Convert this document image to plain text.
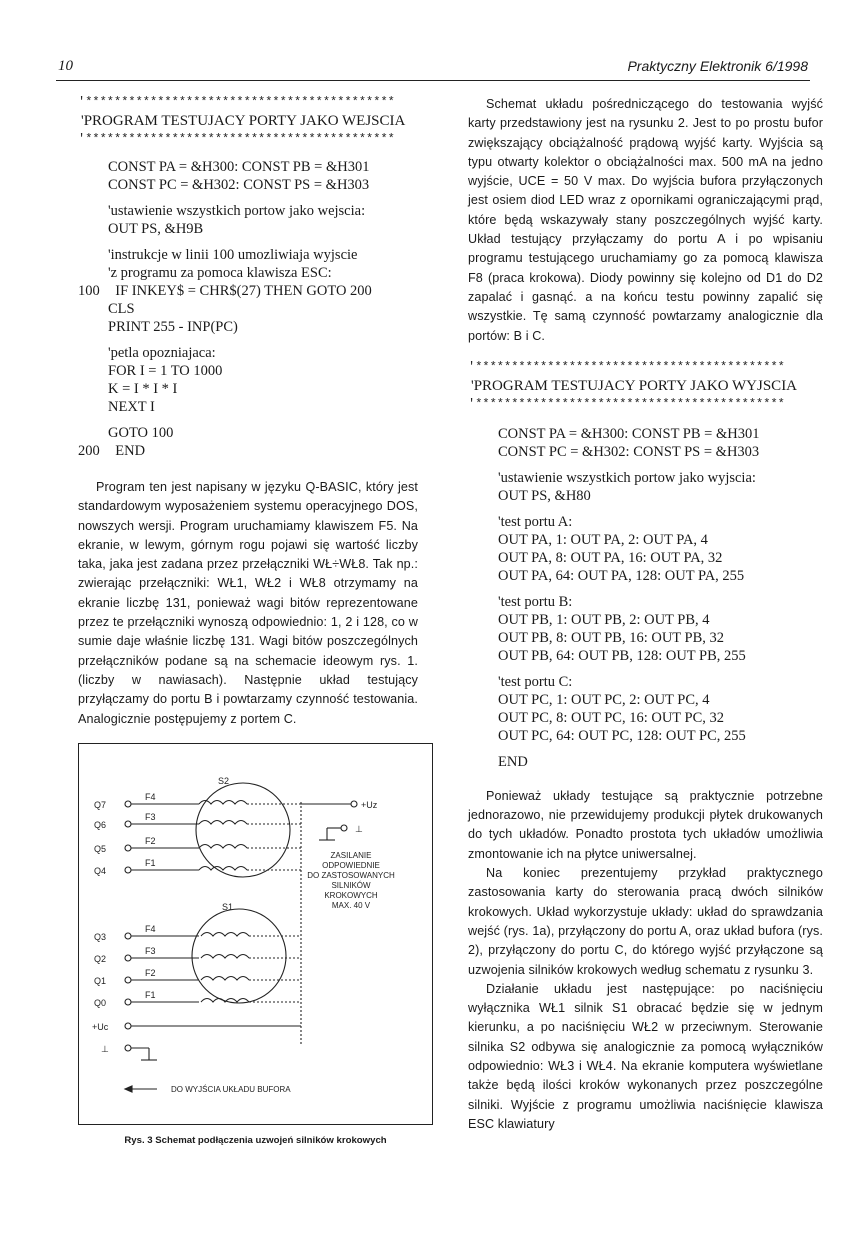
10	Praktyczny Elektronik 6/1998
'*******************************************
'PROGRAM TESTUJACY PORTY JAKO WEJSCIA
'*******************************************
CONST PA = &H300: CONST PB = &H301
CONST PC = &H302: CONST PS = &H303
'ustawienie wszystkich portow jako wejscia:
OUT PS, &H9B
'instrukcje w linii 100 umozliwiaja wyjscie
'z programu za pomoca klawisza ESC:
100 IF INKEY$ = CHR$(27) THEN GOTO 200
CLS
PRINT 255 - INP(PC)
'petla opozniajaca:
FOR I = 1 TO 1000
K = I * I * I
NEXT I
GOTO 100
200 END

Program ten jest napisany w języku Q-BASIC, który jest standardowym wyposażeniem systemu operacyjnego DOS, nowszych wersji. Program uruchamiamy klawiszem F5. Na ekranie, w lewym, górnym rogu pojawi się wartość liczby taka, jaka jest zadana przez przełączniki WŁ÷WŁ8. Tak np.: zwierając przełączniki: WŁ1, WŁ2 i WŁ8 otrzymamy na ekranie liczbę 131, ponieważ wagi bitów reprezentowane przez te przełączniki wynoszą odpowiednio: 1, 2 i 128, co w sumie daje właśnie liczbę 131. Wagi bitów poszczególnych przełączników podane są na schemacie ideowym rys. 1. (liczby w nawiasach). Następnie układ testujący przyłączamy do portu B i powtarzamy czynność testowania. Analogicznie postępujemy z portem C.

S2
S1
Q7
Q6
Q5
Q4
Q3
Q2
Q1
Q0
F4
F3
F2
F1
F4
F3
F2
F1
+Uc
⊥
+Uz
⊥
ZASILANIE
ODPOWIEDNIE
DO ZASTOSOWANYCH
SILNIKÓW
KROKOWYCH
MAX. 40 V
DO WYJŚCIA UKŁADU BUFORA
Rys. 3 Schemat podłączenia uzwojeń silników krokowych

Schemat układu pośredniczącego do testowania wyjść karty przedstawiony jest na rysunku 2. Jest to po prostu bufor zwiększający obciążalność prądową wyjść karty. Wyjścia są typu otwarty kolektor o obciążalności max. 500 mA na jedno wyjście, UCE = 50 V max. Do wyjścia bufora przyłączonych jest osiem diod LED wraz z opornikami ograniczającymi prąd, które będą wskazywały stany poszczególnych wyjść karty. Układ testujący przyłączamy do portu A i po wpisaniu programu testującego uruchamiamy go za pomocą klawisza F8 (praca krokowa). Diody powinny się kolejno od D1 do D2 zapalać i gasnąć. a na końcu testu powinny zapalić się wszystkie. Tę samą czynność powtarzamy analogicznie dla portów: B i C.

'*******************************************
'PROGRAM TESTUJACY PORTY JAKO WYJSCIA
'*******************************************
CONST PA = &H300: CONST PB = &H301
CONST PC = &H302: CONST PS = &H303
'ustawienie wszystkich portow jako wyjscia:
OUT PS, &H80
'test portu A:
OUT PA, 1: OUT PA, 2: OUT PA, 4
OUT PA, 8: OUT PA, 16: OUT PA, 32
OUT PA, 64: OUT PA, 128: OUT PA, 255
'test portu B:
OUT PB, 1: OUT PB, 2: OUT PB, 4
OUT PB, 8: OUT PB, 16: OUT PB, 32
OUT PB, 64: OUT PB, 128: OUT PB, 255
'test portu C:
OUT PC, 1: OUT PC, 2: OUT PC, 4
OUT PC, 8: OUT PC, 16: OUT PC, 32
OUT PC, 64: OUT PC, 128: OUT PC, 255
END

Ponieważ układy testujące są praktycznie potrzebne jednorazowo, nie przewidujemy produkcji płytek drukowanych do tych układów. Ponadto prostota tych układów umożliwia zmontowanie ich na płytce uniwersalnej.

Na koniec prezentujemy przykład praktycznego zastosowania karty do sterowania pracą dwóch silników krokowych. Układ wykorzystuje układy: układ do sprawdzania wejść (rys. 1a), przyłączony do portu A, oraz układ bufora (rys. 2), przyłączony do portu C, do którego wyjść przyłączone są uzwojenia silników krokowych według schematu z rysunku 3.

Działanie układu jest następujące: po naciśnięciu wyłącznika WŁ1 silnik S1 obracać będzie się w jednym kierunku, a po naciśnięciu WŁ2 w przeciwnym. Sterowanie silnika S2 odbywa się analogicznie za pomocą wyłączników odpowiednio: WŁ3 i WŁ4. Na ekranie komputera wyświetlane także będą ilości kroków wykonanych przez poszczególne silniki. Wyjście z programu umożliwia naciśnięcie klawisza ESC klawiatury
